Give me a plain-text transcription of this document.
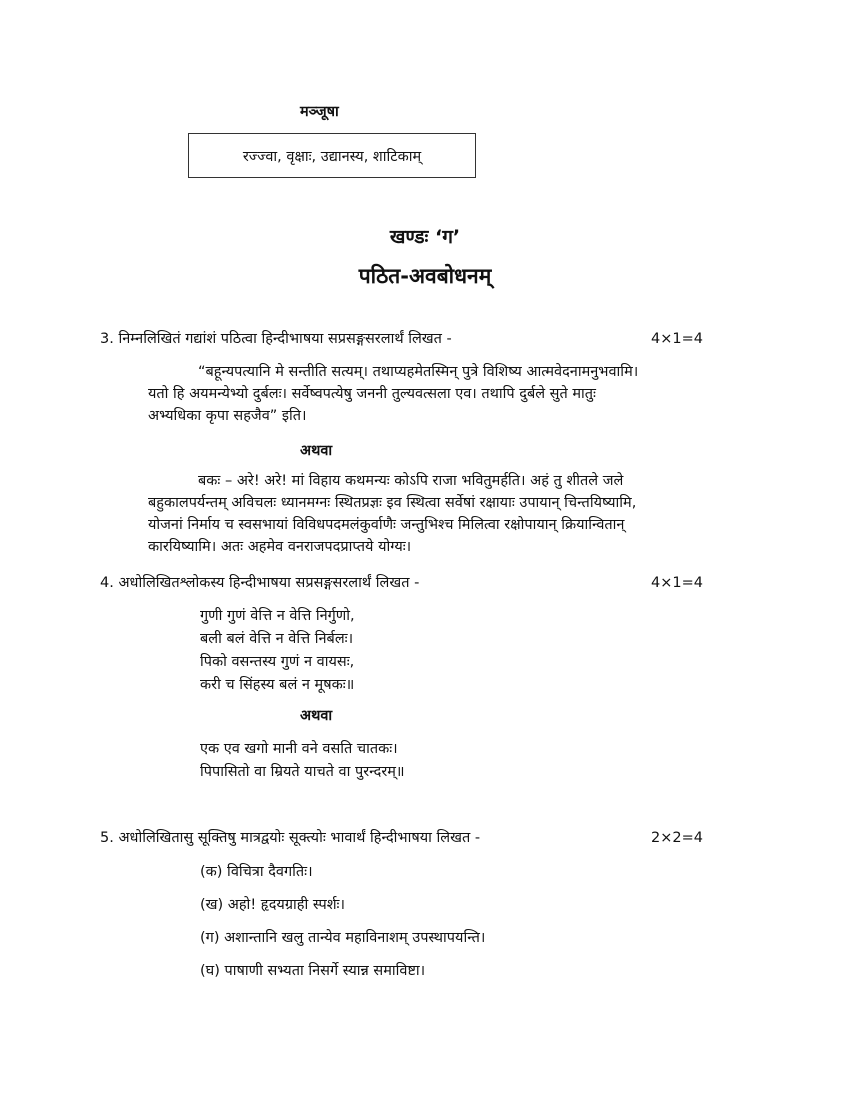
मञ्जूषा
रज्ज्वा, वृक्षाः, उद्यानस्य, शाटिकाम्
खण्डः ‘ग’
पठित-अवबोधनम्
3. निम्नलिखितं गद्यांशं पठित्वा हिन्दीभाषया सप्रसङ्गसरलार्थं लिखत -	4×1=4
“बहून्यपत्यानि मे सन्तीति सत्यम्। तथाप्यहमेतस्मिन् पुत्रे विशिष्य आत्मवेदनामनुभवामि।
यतो हि अयमन्येभ्यो दुर्बलः। सर्वेष्वपत्येषु जननी तुल्यवत्सला एव। तथापि दुर्बले सुते मातुः
अभ्यधिका कृपा सहजैव” इति।
अथवा
बकः – अरे! अरे! मां विहाय कथमन्यः कोऽपि राजा भवितुमर्हति। अहं तु शीतले जले
बहुकालपर्यन्तम् अविचलः ध्यानमग्नः स्थितप्रज्ञः इव स्थित्वा सर्वेषां रक्षायाः उपायान् चिन्तयिष्यामि,
योजनां निर्माय च स्वसभायां विविधपदमलंकुर्वाणैः जन्तुभिश्च मिलित्वा रक्षोपायान् क्रियान्वितान्
कारयिष्यामि। अतः अहमेव वनराजपदप्राप्तये योग्यः।
4. अधोलिखितश्लोकस्य हिन्दीभाषया सप्रसङ्गसरलार्थं लिखत -	4×1=4
गुणी गुणं वेत्ति न वेत्ति निर्गुणो,
बली बलं वेत्ति न वेत्ति निर्बलः।
पिको वसन्तस्य गुणं न वायसः,
करी च सिंहस्य बलं न मूषकः॥
अथवा
एक एव खगो मानी वने वसति चातकः।
पिपासितो वा म्रियते याचते वा पुरन्दरम्॥
5. अधोलिखितासु सूक्तिषु मात्रद्वयोः सूक्त्योः भावार्थं हिन्दीभाषया लिखत -	2×2=4
(क) विचित्रा दैवगतिः।
(ख) अहो! हृदयग्राही स्पर्शः।
(ग) अशान्तानि खलु तान्येव महाविनाशम् उपस्थापयन्ति।
(घ) पाषाणी सभ्यता निसर्गे स्यान्न समाविष्टा।
